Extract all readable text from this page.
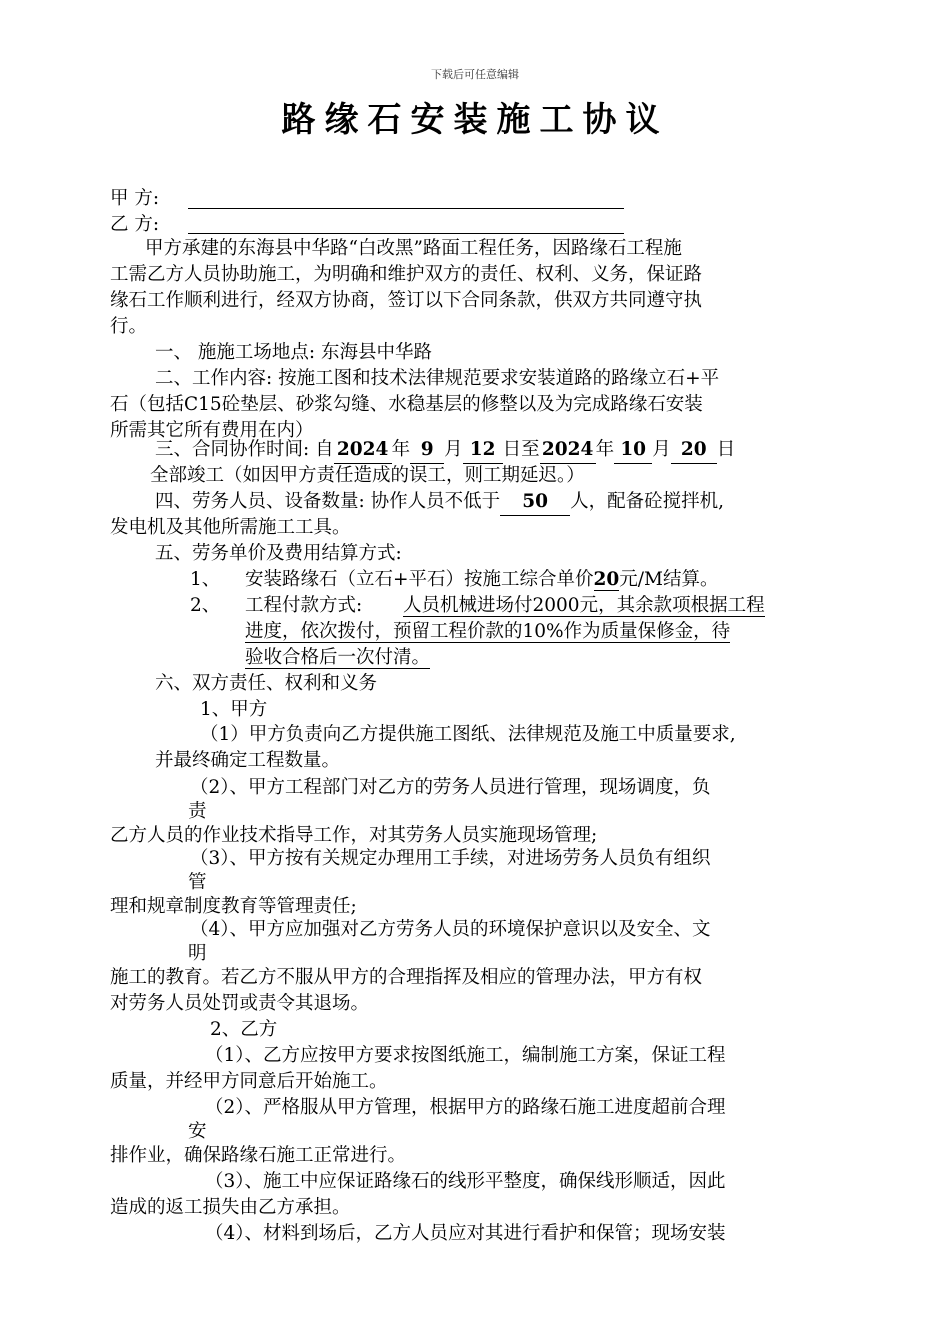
下载后可任意编辑
路缘石安装施工协议
甲 方:
乙 方:
甲方承建的东海县中华路“白改黑”路面工程任务，因路缘石工程施
工需乙方人员协助施工，为明确和维护双方的责任、权利、义务，保证路
缘石工作顺利进行，经双方协商，签订以下合同条款，供双方共同遵守执
行。
一、 施施工场地点: 东海县中华路
二、工作内容: 按施工图和技术法律规范要求安装道路的路缘立石+平
石（包括C15砼垫层、砂浆勾缝、水稳基层的修整以及为完成路缘石安装
所需其它所有费用在内）
三、合同协作时间: 自 2024 年 9 月 12 日至 2024 年 10 月 20 日
全部竣工（如因甲方责任造成的误工，则工期延迟。）
四、劳务人员、设备数量: 协作人员不低于 50 人，配备砼搅拌机,
发电机及其他所需施工工具。
五、劳务单价及费用结算方式:
1、 安装路缘石（立石+平石）按施工综合单价20元/M结算。
2、 工程付款方式: 人员机械进场付2000元，其余款项根据工程
进度，依次拨付，预留工程价款的10%作为质量保修金，待
验收合格后一次付清。
六、双方责任、权利和义务
1、甲方
（1）甲方负责向乙方提供施工图纸、法律规范及施工中质量要求,
并最终确定工程数量。
（2）、甲方工程部门对乙方的劳务人员进行管理，现场调度，负
责
乙方人员的作业技术指导工作，对其劳务人员实施现场管理;
（3）、甲方按有关规定办理用工手续，对进场劳务人员负有组织
管
理和规章制度教育等管理责任;
（4）、甲方应加强对乙方劳务人员的环境保护意识以及安全、文
明
施工的教育。若乙方不服从甲方的合理指挥及相应的管理办法，甲方有权
对劳务人员处罚或责令其退场。
2、乙方
（1）、乙方应按甲方要求按图纸施工，编制施工方案，保证工程
质量，并经甲方同意后开始施工。
（2）、严格服从甲方管理，根据甲方的路缘石施工进度超前合理
安
排作业，确保路缘石施工正常进行。
（3）、施工中应保证路缘石的线形平整度，确保线形顺适，因此
造成的返工损失由乙方承担。
（4）、材料到场后，乙方人员应对其进行看护和保管；现场安装
